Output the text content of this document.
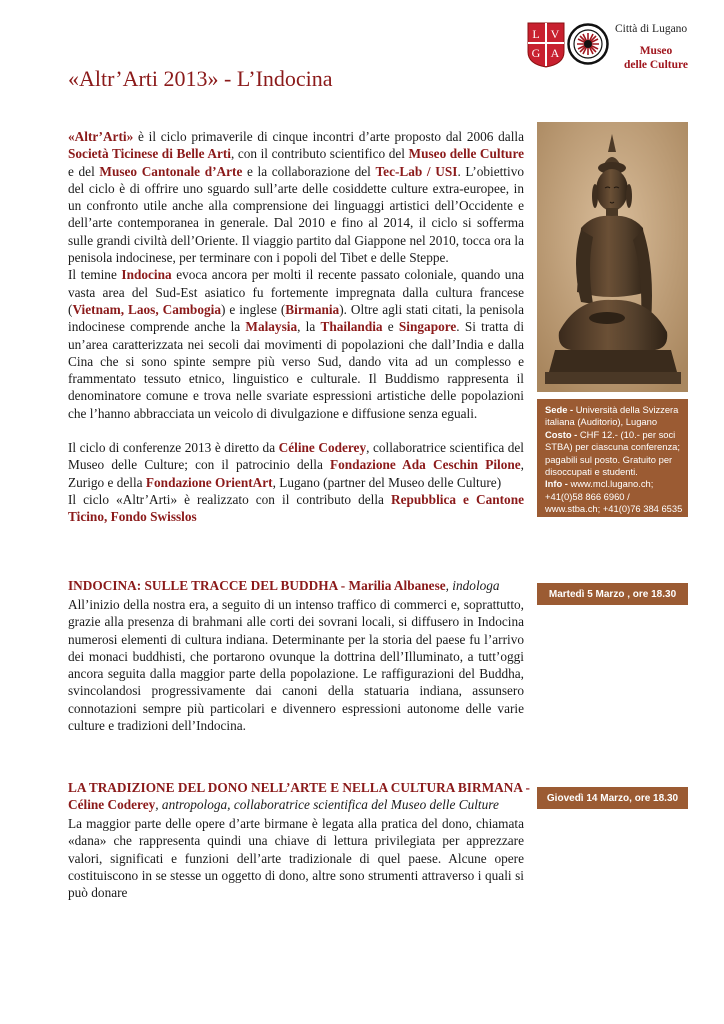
L V
G A
Città di Lugano
Museo
delle Culture
«Altr’Arti 2013» - L’Indocina

«Altr’Arti» è il ciclo primaverile di cinque incontri d’arte proposto dal 2006 dalla Società Ticinese di Belle Arti, con il contributo scientifico del Museo delle Culture e del Museo Cantonale d’Arte e la collaborazione del Tec-Lab / USI. L’obiettivo del ciclo è di offrire uno sguardo sull’arte delle cosiddette culture extra-europee, in un confronto utile anche alla comprensione dei linguaggi artistici dell’Occidente e dell’arte contemporanea in generale. Dal 2010 e fino al 2014, il ciclo si sofferma sulle grandi civiltà dell’Oriente. Il viaggio partito dal Giappone nel 2010, tocca ora la penisola indocinese, per terminare con i popoli del Tibet e delle Steppe.

Il temine Indocina evoca ancora per molti il recente passato coloniale, quando una vasta area del Sud-Est asiatico fu fortemente impregnata dalla cultura francese (Vietnam, Laos, Cambogia) e inglese (Birmania). Oltre agli stati citati, la penisola indocinese comprende anche la Malaysia, la Thailandia e Singapore. Si tratta di un’area caratterizzata nei secoli dai movimenti di popolazioni che dall’India e dalla Cina che si sono spinte sempre più verso Sud, dando vita ad un complesso e frammentato tessuto etnico, linguistico e culturale. Il Buddismo rappresenta il denominatore comune e trova nelle svariate espressioni artistiche delle popolazioni che l’hanno abbracciata un veicolo di divulgazione e diffusione senza eguali.

Il ciclo di conferenze 2013 è diretto da Céline Coderey, collaboratrice scientifica del Museo delle Culture; con il patrocinio della Fondazione Ada Ceschin Pilone, Zurigo e della Fondazione OrientArt, Lugano (partner del Museo delle Culture)

Il ciclo «Altr’Arti» è realizzato con il contributo della Repubblica e Cantone Ticino, Fondo Swisslos

Sede - Università della Svizzera italiana (Auditorio), Lugano
Costo - CHF 12.- (10.- per soci STBA) per ciascuna conferenza; pagabili sul posto. Gratuito per disoccupati e studenti.
Info - www.mcl.lugano.ch; +41(0)58 866 6960 / www.stba.ch; +41(0)76 384 6535
INDOCINA: SULLE TRACCE DEL BUDDHA - Marilia Albanese, indologa
Martedì 5 Marzo , ore 18.30
All’inizio della nostra era, a seguito di un intenso traffico di commerci e, soprattutto, grazie alla presenza di brahmani alle corti dei sovrani locali, si diffusero in Indocina numerosi elementi di cultura indiana. Determinante per la storia del paese fu l’arrivo dei monaci buddhisti, che portarono ovunque la dottrina dell’Illuminato, a tutt’oggi ancora seguita dalla maggior parte della popolazione. Le raffigurazioni del Buddha, svincolandosi progressivamente dai canoni della statuaria indiana, assunsero connotazioni sempre più particolari e divennero espressioni autonome delle varie culture e tradizioni dell’Indocina.
LA TRADIZIONE DEL DONO NELL’ARTE E NELLA CULTURA BIRMANA -
Céline Coderey, antropologa, collaboratrice scientifica del Museo delle Culture	Giovedì 14 Marzo, ore 18.30
La maggior parte delle opere d’arte birmane è legata alla pratica del dono, chiamata «dana» che rappresenta quindi una chiave di lettura privilegiata per apprezzare valori, significati e funzioni dell’arte tradizionale di quel paese. Alcune opere costituiscono in se stesse un oggetto di dono, altre sono strumenti attraverso i quali si può donare
